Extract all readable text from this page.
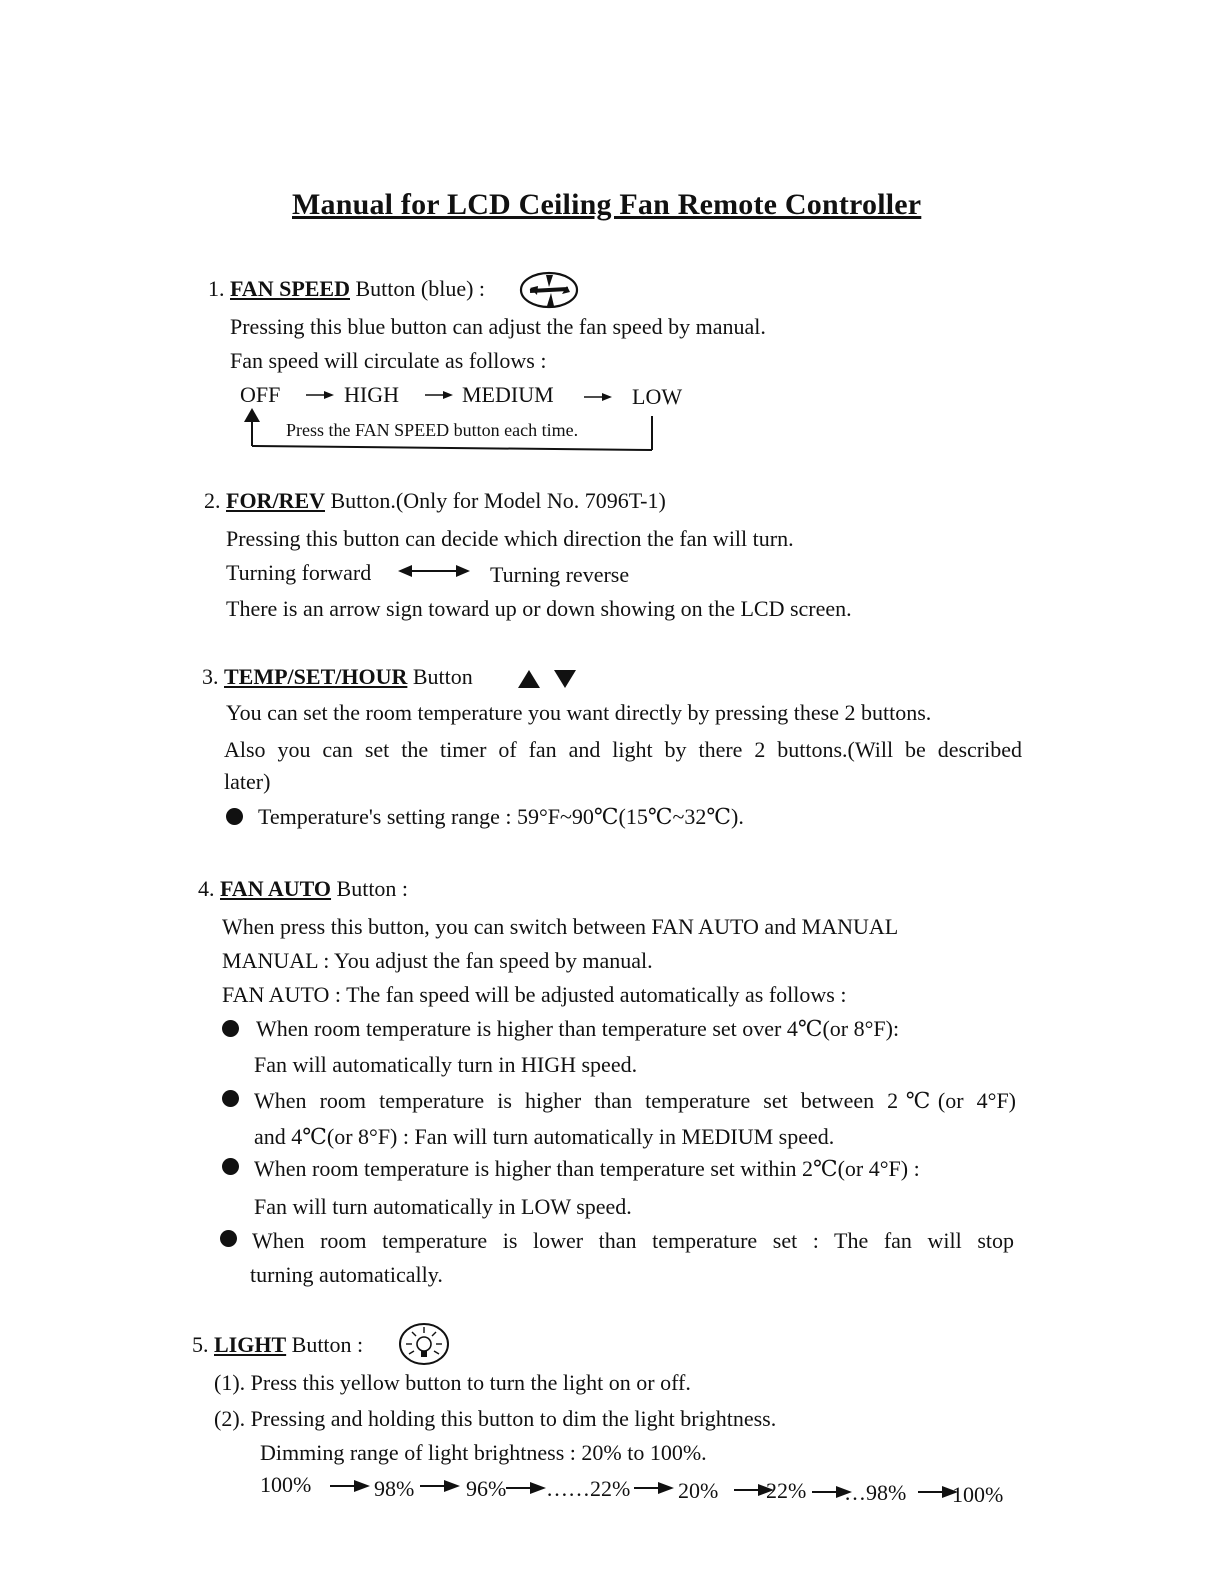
Manual for LCD Ceiling Fan Remote Controller
1. FAN SPEED Button (blue) :
Pressing this blue button can adjust the fan speed by manual.
Fan speed will circulate as follows :
OFF	HIGH	MEDIUM	LOW
Press the FAN SPEED button each time.
2. FOR/REV Button.(Only for Model No. 7096T-1)
Pressing this button can decide which direction the fan will turn.
Turning forward	Turning reverse
There is an arrow sign toward up or down showing on the LCD screen.
3. TEMP/SET/HOUR Button
You can set the room temperature you want directly by pressing these 2 buttons.
Also you can set the timer of fan and light by there 2 buttons.(Will be described
later)
Temperature's setting range : 59°F~90℃(15℃~32℃).
4. FAN AUTO Button :
When press this button, you can switch between FAN AUTO and MANUAL
MANUAL : You adjust the fan speed by manual.
FAN AUTO : The fan speed will be adjusted automatically as follows :
When room temperature is higher than temperature set over 4℃(or 8°F):
Fan will automatically turn in HIGH speed.
When room temperature is higher than temperature set between 2℃(or 4°F)
and 4℃(or 8°F) : Fan will turn automatically in MEDIUM speed.
When room temperature is higher than temperature set within 2℃(or 4°F) :
Fan will turn automatically in LOW speed.
When room temperature is lower than temperature set : The fan will stop
turning automatically.
5. LIGHT Button :
(1). Press this yellow button to turn the light on or off.
(2). Pressing and holding this button to dim the light brightness.
Dimming range of light brightness : 20% to 100%.
100%	98% 96% ……22% 20% 22% …98% 100%
